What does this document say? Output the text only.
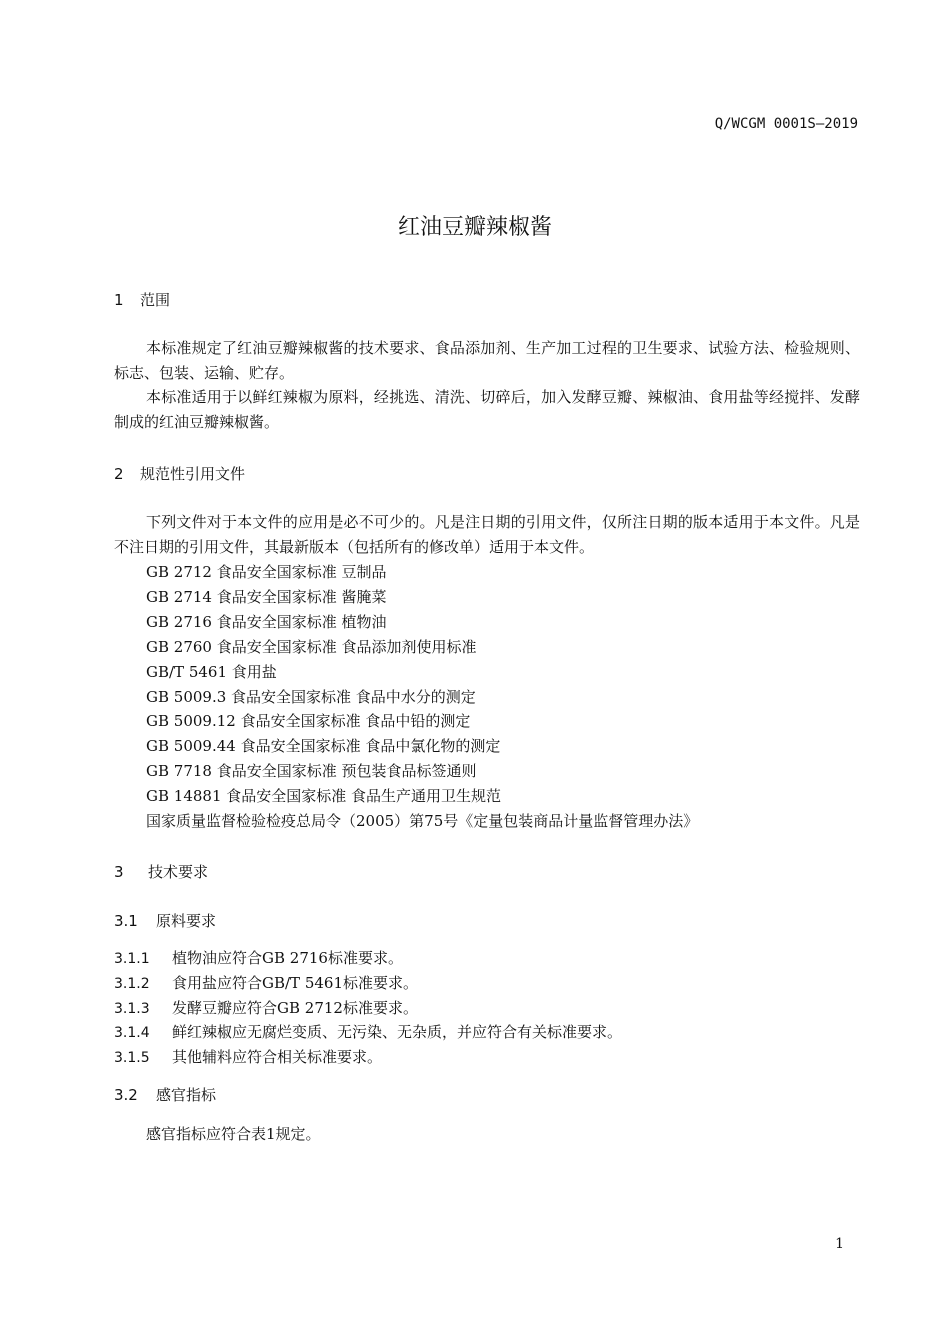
Q/WCGM 0001S—2019
红油豆瓣辣椒酱
1 范围
本标准规定了红油豆瓣辣椒酱的技术要求、食品添加剂、生产加工过程的卫生要求、试验方法、检验规则、标志、包装、运输、贮存。
本标准适用于以鲜红辣椒为原料，经挑选、清洗、切碎后，加入发酵豆瓣、辣椒油、食用盐等经搅拌、发酵制成的红油豆瓣辣椒酱。
2 规范性引用文件
下列文件对于本文件的应用是必不可少的。凡是注日期的引用文件，仅所注日期的版本适用于本文件。凡是不注日期的引用文件，其最新版本（包括所有的修改单）适用于本文件。
GB 2712 食品安全国家标准 豆制品
GB 2714 食品安全国家标准 酱腌菜
GB 2716 食品安全国家标准 植物油
GB 2760 食品安全国家标准 食品添加剂使用标准
GB/T 5461 食用盐
GB 5009.3 食品安全国家标准 食品中水分的测定
GB 5009.12 食品安全国家标准 食品中铅的测定
GB 5009.44 食品安全国家标准 食品中氯化物的测定
GB 7718 食品安全国家标准 预包装食品标签通则
GB 14881 食品安全国家标准 食品生产通用卫生规范
国家质量监督检验检疫总局令（2005）第75号《定量包装商品计量监督管理办法》
3 技术要求
3.1 原料要求
3.1.1 植物油应符合GB 2716标准要求。
3.1.2 食用盐应符合GB/T 5461标准要求。
3.1.3 发酵豆瓣应符合GB 2712标准要求。
3.1.4 鲜红辣椒应无腐烂变质、无污染、无杂质，并应符合有关标准要求。
3.1.5 其他辅料应符合相关标准要求。
3.2 感官指标
感官指标应符合表1规定。
1
